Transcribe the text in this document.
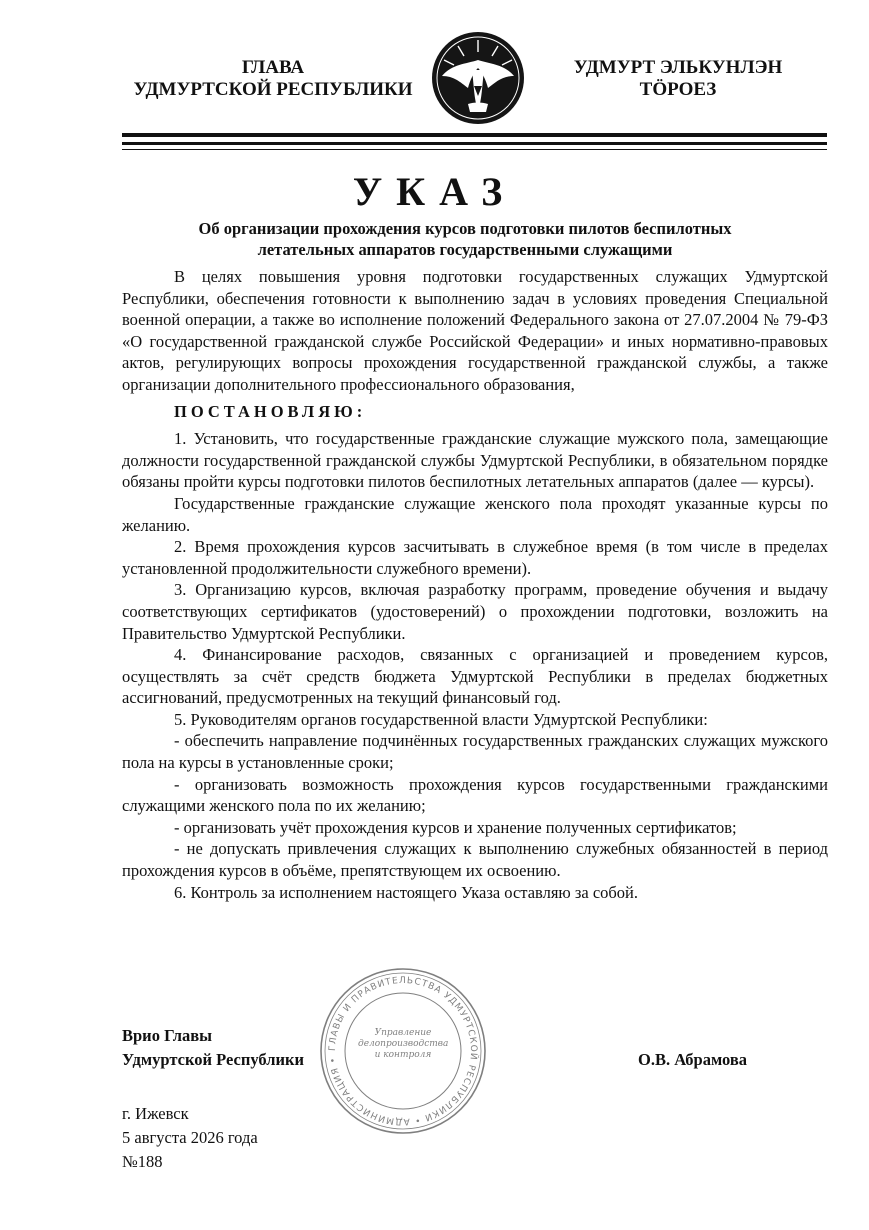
ГЛАВА
УДМУРТСКОЙ РЕСПУБЛИКИ
УДМУРТ ЭЛЬКУНЛЭН
ТӦРОЕЗ
УКАЗ
Об организации прохождения курсов подготовки пилотов беспилотных
летательных аппаратов государственными служащими

В целях повышения уровня подготовки государственных служащих Удмуртской Республики, обеспечения готовности к выполнению задач в условиях проведения Специальной военной операции, а также во исполнение положений Федерального закона от 27.07.2004 № 79-ФЗ «О государственной гражданской службе Российской Федерации» и иных нормативно-правовых актов, регулирующих вопросы прохождения государственной гражданской службы, а также организации дополнительного профессионального образования,

ПОСТАНОВЛЯЮ:

1. Установить, что государственные гражданские служащие мужского пола, замещающие должности государственной гражданской службы Удмуртской Республики, в обязательном порядке обязаны пройти курсы подготовки пилотов беспилотных летательных аппаратов (далее — курсы).

Государственные гражданские служащие женского пола проходят указанные курсы по желанию.

2. Время прохождения курсов засчитывать в служебное время (в том числе в пределах установленной продолжительности служебного времени).

3. Организацию курсов, включая разработку программ, проведение обучения и выдачу соответствующих сертификатов (удостоверений) о прохождении подготовки, возложить на Правительство Удмуртской Республики.

4. Финансирование расходов, связанных с организацией и проведением курсов, осуществлять за счёт средств бюджета Удмуртской Республики в пределах бюджетных ассигнований, предусмотренных на текущий финансовый год.

5. Руководителям органов государственной власти Удмуртской Республики:

- обеспечить направление подчинённых государственных гражданских служащих мужского пола на курсы в установленные сроки;

- организовать возможность прохождения курсов государственными гражданскими служащими женского пола по их желанию;

- организовать учёт прохождения курсов и хранение полученных сертификатов;

- не допускать привлечения служащих к выполнению служебных обязанностей в период прохождения курсов в объёме, препятствующем их освоению.

6. Контроль за исполнением настоящего Указа оставляю за собой.

ГЛАВЫ И ПРАВИТЕЛЬСТВА УДМУРТСКОЙ РЕСПУБЛИКИ • АДМИНИСТРАЦИЯ •
Управление делопроизводства и контроля
Врио Главы
Удмуртской Республики	О.В. Абрамова
г. Ижевск
5 августа 2026 года
№188
